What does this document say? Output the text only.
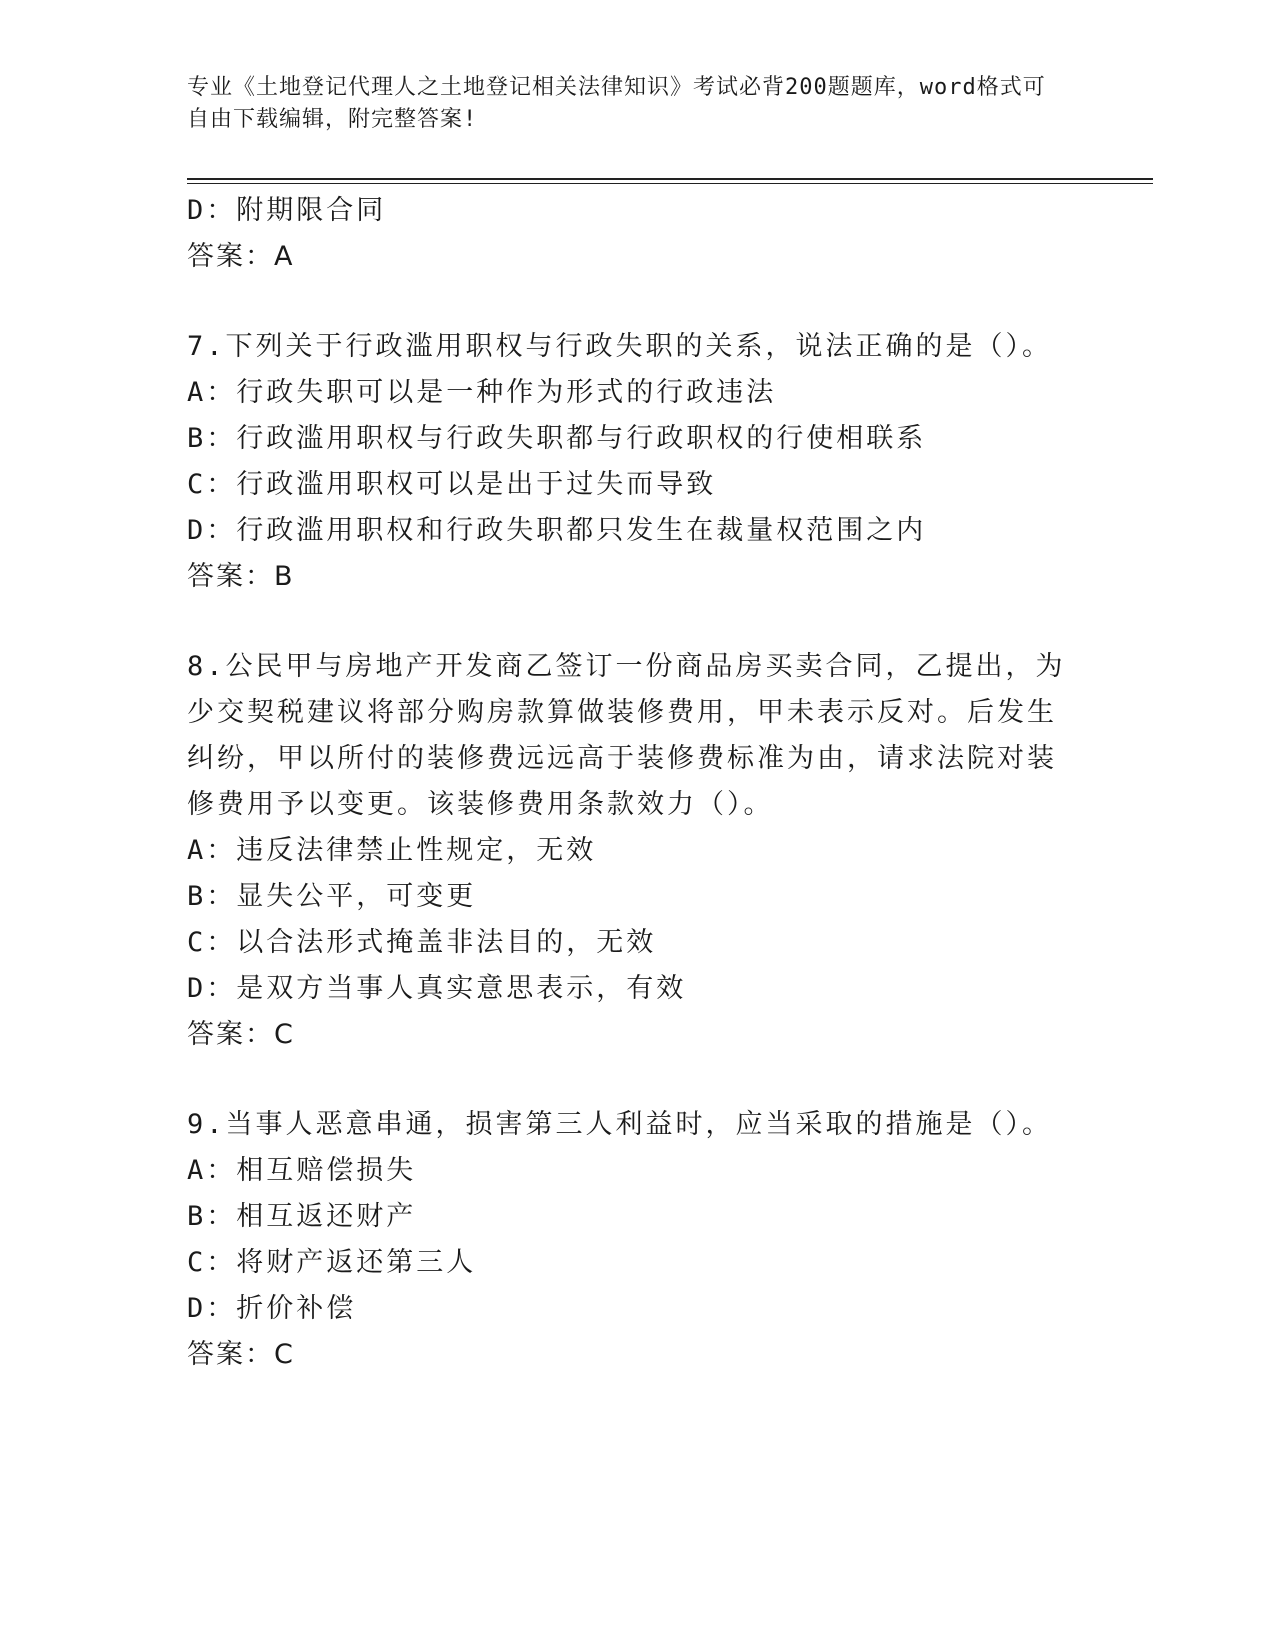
专业《土地登记代理人之土地登记相关法律知识》考试必背200题题库，word格式可自由下载编辑，附完整答案!
D：附期限合同
答案：A
7.下列关于行政滥用职权与行政失职的关系，说法正确的是（）。
A：行政失职可以是一种作为形式的行政违法
B：行政滥用职权与行政失职都与行政职权的行使相联系
C：行政滥用职权可以是出于过失而导致
D：行政滥用职权和行政失职都只发生在裁量权范围之内
答案：B
8.公民甲与房地产开发商乙签订一份商品房买卖合同，乙提出，为少交契税建议将部分购房款算做装修费用，甲未表示反对。后发生纠纷，甲以所付的装修费远远高于装修费标准为由，请求法院对装修费用予以变更。该装修费用条款效力（）。
A：违反法律禁止性规定，无效
B：显失公平，可变更
C：以合法形式掩盖非法目的，无效
D：是双方当事人真实意思表示，有效
答案：C
9.当事人恶意串通，损害第三人利益时，应当采取的措施是（）。
A：相互赔偿损失
B：相互返还财产
C：将财产返还第三人
D：折价补偿
答案：C
